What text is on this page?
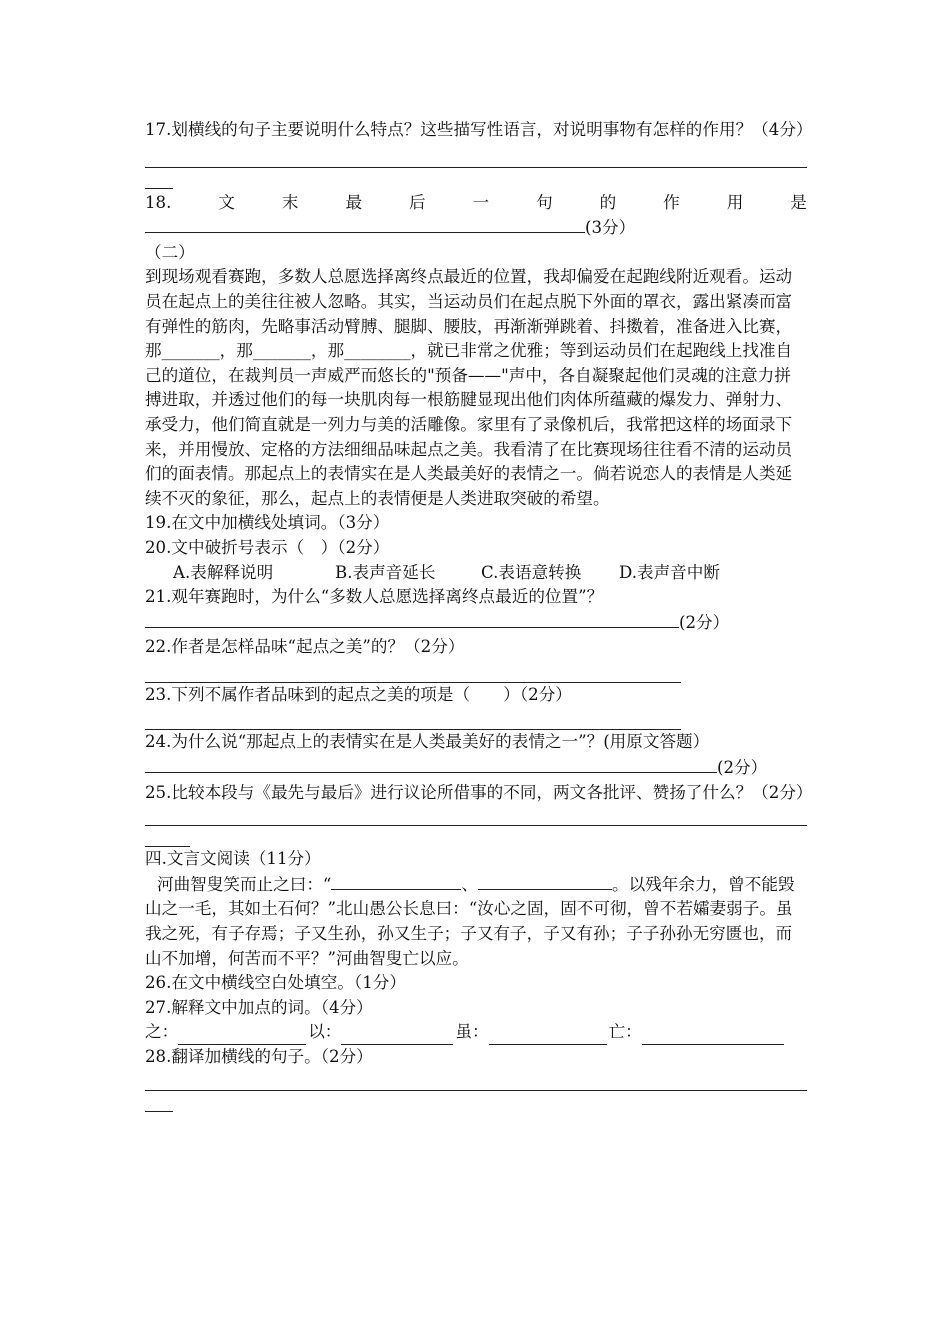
17.划横线的句子主要说明什么特点？这些描写性语言，对说明事物有怎样的作用？（4分）

18.	文	末	最	后	一	句	的	作	用	是
(3分）

（二）

到现场观看赛跑，多数人总愿选择离终点最近的位置，我却偏爱在起跑线附近观看。运动员在起点上的美往往被人忽略。其实，当运动员们在起点脱下外面的罩衣，露出紧凑而富有弹性的筋肉，先略事活动臂膊、腿脚、腰肢，再渐渐弹跳着、抖擞着，准备进入比赛，那_______，那_______，那________，就已非常之优雅；等到运动员们在起跑线上找准自己的道位，在裁判员一声威严而悠长的"预备——"声中，各自凝聚起他们灵魂的注意力拼搏进取，并透过他们的每一块肌肉每一根筋腱显现出他们肉体所蕴藏的爆发力、弹射力、承受力，他们简直就是一列力与美的活雕像。家里有了录像机后，我常把这样的场面录下来，并用慢放、定格的方法细细品味起点之美。我看清了在比赛现场往往看不清的运动员们的面表情。那起点上的表情实在是人类最美好的表情之一。倘若说恋人的表情是人类延续不灭的象征，那么，起点上的表情便是人类进取突破的希望。

19.在文中加横线处填词。（3分）

20.文中破折号表示（　）（2分）

A.表解释说明	B.表声音延长	C.表语意转换	D.表声音中断

21.观年赛跑时，为什么“多数人总愿选择离终点最近的位置”？

(2分）

22.作者是怎样品味“起点之美”的？（2分）

23.下列不属作者品味到的起点之美的项是（　　）（2分）

24.为什么说“那起点上的表情实在是人类最美好的表情之一”？(用原文答题）

(2分）

25.比较本段与《最先与最后》进行议论所借事的不同，两文各批评、赞扬了什么？（2分）

四.文言文阅读（11分）

河曲智叟笑而止之曰：“	、	。以残年余力，曾不能毁山之一毛，其如土石何？”北山愚公长息曰：“汝心之固，固不可彻，曾不若孀妻弱子。虽我之死，有子存焉；子又生孙，孙又生子；子又有子，子又有孙；子子孙孙无穷匮也，而山不加增，何苦而不平？”河曲智叟亡以应。

26.在文中横线空白处填空。（1分）

27.解释文中加点的词。（4分）

之：	以：	虽：	亡：

28.翻译加横线的句子。（2分）
